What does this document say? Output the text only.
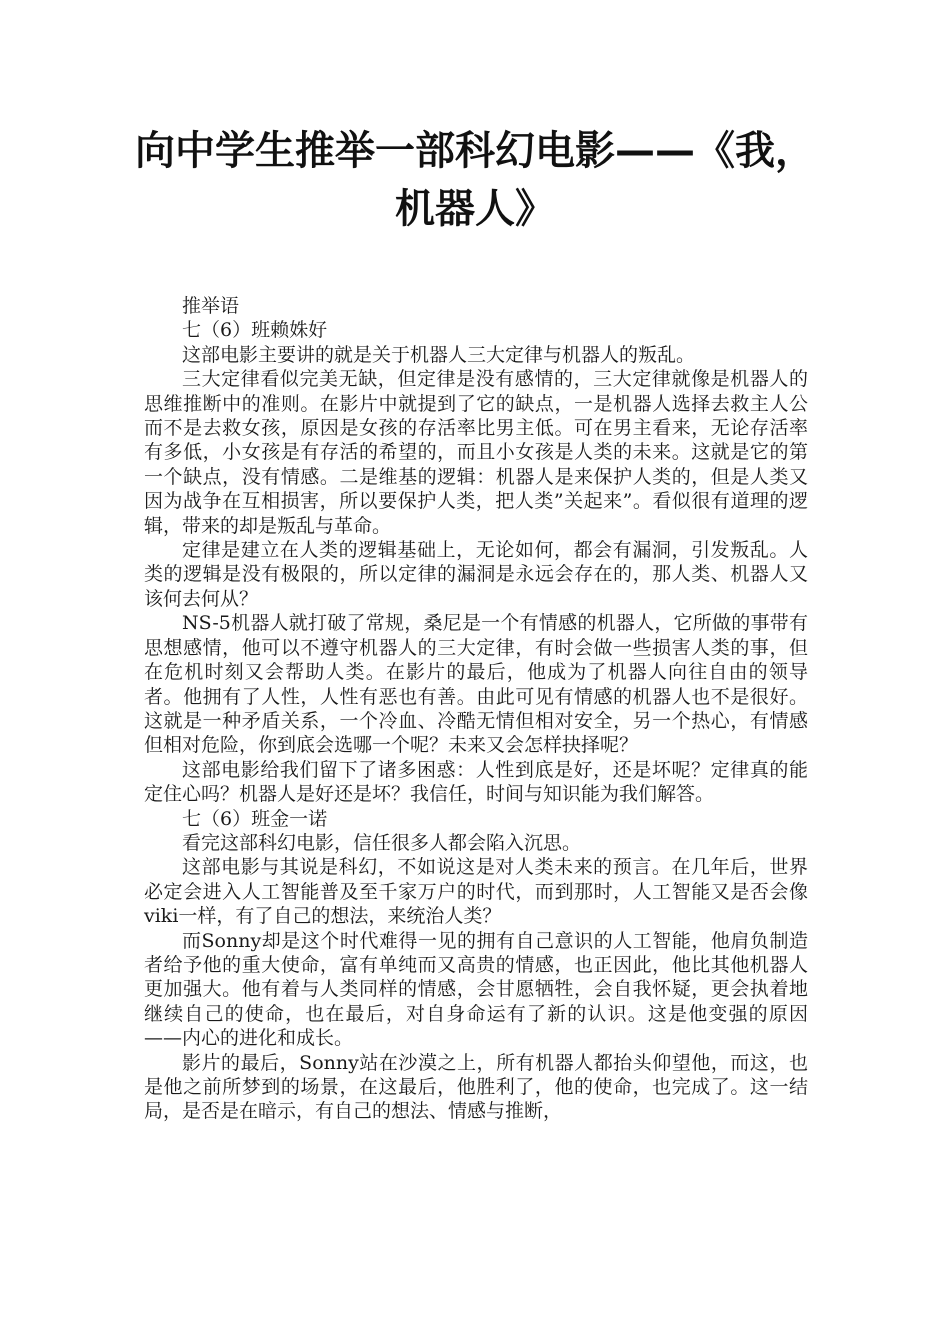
向中学生推举一部科幻电影——《我，机器人》

推举语

七（6）班赖姝好

这部电影主要讲的就是关于机器人三大定律与机器人的叛乱。

三大定律看似完美无缺，但定律是没有感情的，三大定律就像是机器人的思维推断中的准则。在影片中就提到了它的缺点，一是机器人选择去救主人公而不是去救女孩，原因是女孩的存活率比男主低。可在男主看来，无论存活率有多低，小女孩是有存活的希望的，而且小女孩是人类的未来。这就是它的第一个缺点，没有情感。二是维基的逻辑：机器人是来保护人类的，但是人类又因为战争在互相损害，所以要保护人类，把人类”关起来”。看似很有道理的逻辑，带来的却是叛乱与革命。

定律是建立在人类的逻辑基础上，无论如何，都会有漏洞，引发叛乱。人类的逻辑是没有极限的，所以定律的漏洞是永远会存在的，那人类、机器人又该何去何从？

NS-5机器人就打破了常规，桑尼是一个有情感的机器人，它所做的事带有思想感情，他可以不遵守机器人的三大定律，有时会做一些损害人类的事，但在危机时刻又会帮助人类。在影片的最后，他成为了机器人向往自由的领导者。他拥有了人性，人性有恶也有善。由此可见有情感的机器人也不是很好。这就是一种矛盾关系，一个冷血、冷酷无情但相对安全，另一个热心，有情感但相对危险，你到底会选哪一个呢？未来又会怎样抉择呢？

这部电影给我们留下了诸多困惑：人性到底是好，还是坏呢？定律真的能定住心吗？机器人是好还是坏？我信任，时间与知识能为我们解答。

七（6）班金一诺

看完这部科幻电影，信任很多人都会陷入沉思。

这部电影与其说是科幻，不如说这是对人类未来的预言。在几年后，世界必定会进入人工智能普及至千家万户的时代，而到那时，人工智能又是否会像viki一样，有了自己的想法，来统治人类？

而Sonny却是这个时代难得一见的拥有自己意识的人工智能，他肩负制造者给予他的重大使命，富有单纯而又高贵的情感，也正因此，他比其他机器人更加强大。他有着与人类同样的情感，会甘愿牺牲，会自我怀疑，更会执着地继续自己的使命，也在最后，对自身命运有了新的认识。这是他变强的原因——内心的进化和成长。

影片的最后，Sonny站在沙漠之上，所有机器人都抬头仰望他，而这，也是他之前所梦到的场景，在这最后，他胜利了，他的使命，也完成了。这一结局，是否是在暗示，有自己的想法、情感与推断，
